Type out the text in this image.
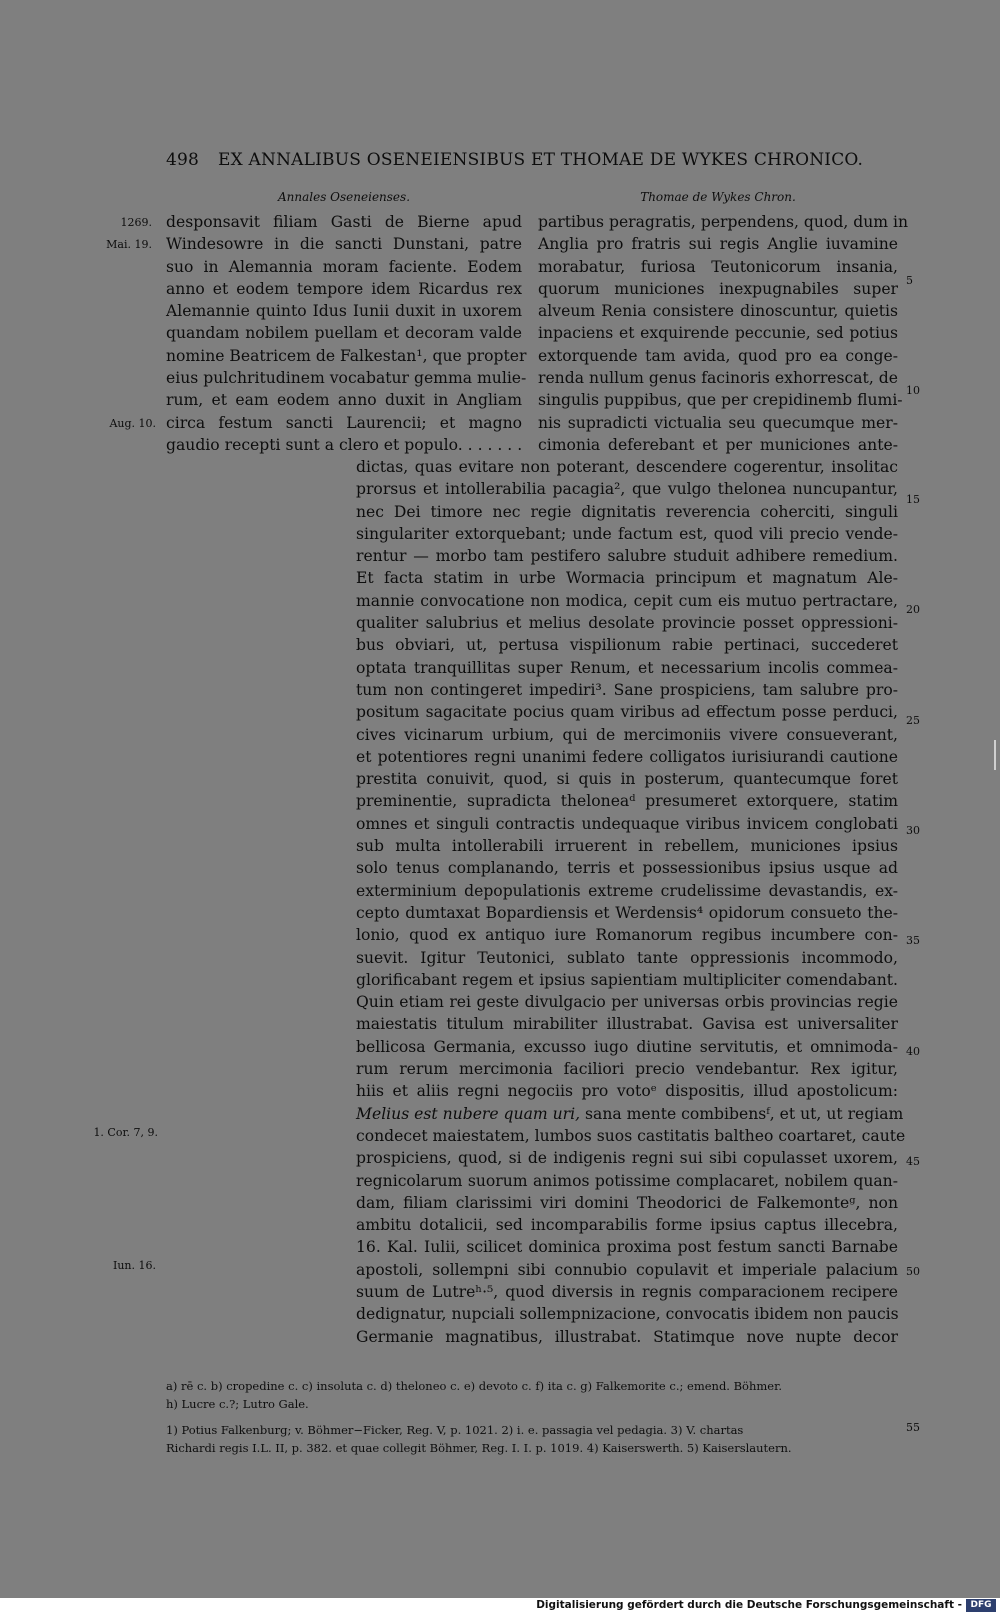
498 EX ANNALIBUS OSENEIENSIBUS ET THOMAE DE WYKES CHRONICO.
Annales Oseneienses.	Thomae de Wykes Chron.
desponsavit filiam Gasti de Bierne apud
Windesowre in die sancti Dunstani, patre
suo in Alemannia moram faciente. Eodem
anno et eodem tempore idem Ricardus rex
Alemannie quinto Idus Iunii duxit in uxorem
quandam nobilem puellam et decoram valde
nomine Beatricem de Falkestan¹, que propter
eius pulchritudinem vocabatur gemma mulie-
rum, et eam eodem anno duxit in Angliam
circa festum sancti Laurencii; et magno
gaudio recepti sunt a clero et populo. . . . . . .
partibus peragratis, perpendens, quod, dum in
Anglia pro fratris sui regis Anglie iuvamine
morabatur, furiosa Teutonicorum insania,
quorum municiones inexpugnabiles super
alveum Renia consistere dinoscuntur, quietis
inpaciens et exquirende peccunie, sed potius
extorquende tam avida, quod pro ea conge-
renda nullum genus facinoris exhorrescat, de
singulis puppibus, que per crepidinemb flumi-
nis supradicti victualia seu quecumque mer-
cimonia deferebant et per municiones ante-
dictas, quas evitare non poterant, descendere cogerentur, insolitac
prorsus et intollerabilia pacagia², que vulgo thelonea nuncupantur,
nec Dei timore nec regie dignitatis reverencia coherciti, singuli
singulariter extorquebant; unde factum est, quod vili precio vende-
rentur — morbo tam pestifero salubre studuit adhibere remedium.
Et facta statim in urbe Wormacia principum et magnatum Ale-
mannie convocatione non modica, cepit cum eis mutuo pertractare,
qualiter salubrius et melius desolate provincie posset oppressioni-
bus obviari, ut, pertusa vispilionum rabie pertinaci, succederet
optata tranquillitas super Renum, et necessarium incolis commea-
tum non contingeret impediri³. Sane prospiciens, tam salubre pro-
positum sagacitate pocius quam viribus ad effectum posse perduci,
cives vicinarum urbium, qui de mercimoniis vivere consueverant,
et potentiores regni unanimi federe colligatos iurisiurandi cautione
prestita conuivit, quod, si quis in posterum, quantecumque foret
preminentie, supradicta theloneaᵈ presumeret extorquere, statim
omnes et singuli contractis undequaque viribus invicem conglobati
sub multa intollerabili irruerent in rebellem, municiones ipsius
solo tenus complanando, terris et possessionibus ipsius usque ad
exterminium depopulationis extreme crudelissime devastandis, ex-
cepto dumtaxat Bopardiensis et Werdensis⁴ opidorum consueto the-
lonio, quod ex antiquo iure Romanorum regibus incumbere con-
suevit. Igitur Teutonici, sublato tante oppressionis incommodo,
glorificabant regem et ipsius sapientiam multipliciter comendabant.
Quin etiam rei geste divulgacio per universas orbis provincias regie
maiestatis titulum mirabiliter illustrabat. Gavisa est universaliter
bellicosa Germania, excusso iugo diutine servitutis, et omnimoda-
rum rerum mercimonia faciliori precio vendebantur. Rex igitur,
hiis et aliis regni negociis pro votoᵉ dispositis, illud apostolicum:
Melius est nubere quam uri, sana mente combibensᶠ, et ut, ut regiam
condecet maiestatem, lumbos suos castitatis baltheo coartaret, caute
prospiciens, quod, si de indigenis regni sui sibi copulasset uxorem,
regnicolarum suorum animos potissime complacaret, nobilem quan-
dam, filiam clarissimi viri domini Theodorici de Falkemonteᵍ, non
ambitu dotalicii, sed incomparabilis forme ipsius captus illecebra,
16. Kal. Iulii, scilicet dominica proxima post festum sancti Barnabe
apostoli, sollempni sibi connubio copulavit et imperiale palacium
suum de Lutreʰ·⁵, quod diversis in regnis comparacionem recipere
dedignatur, nupciali sollempnizacione, convocatis ibidem non paucis
Germanie magnatibus, illustrabat. Statimque nove nupte decor
1269.
Mai. 19.
Aug. 10.
1. Cor. 7, 9.
Iun. 16.
5
10
15
20
25
30
35
40
45
50
55
a) rē c. b) cropedine c. c) insoluta c. d) theloneo c. e) devoto c. f) ita c. g) Falkemorite c.; emend. Böhmer.
h) Lucre c.?; Lutro Gale.
1) Potius Falkenburg; v. Böhmer−Ficker, Reg. V, p. 1021. 2) i. e. passagia vel pedagia. 3) V. chartas
Richardi regis I.L. II, p. 382. et quae collegit Böhmer, Reg. I. I. p. 1019. 4) Kaiserswerth. 5) Kaiserslautern.
Digitalisierung gefördert durch die Deutsche Forschungsgemeinschaft - DFG
